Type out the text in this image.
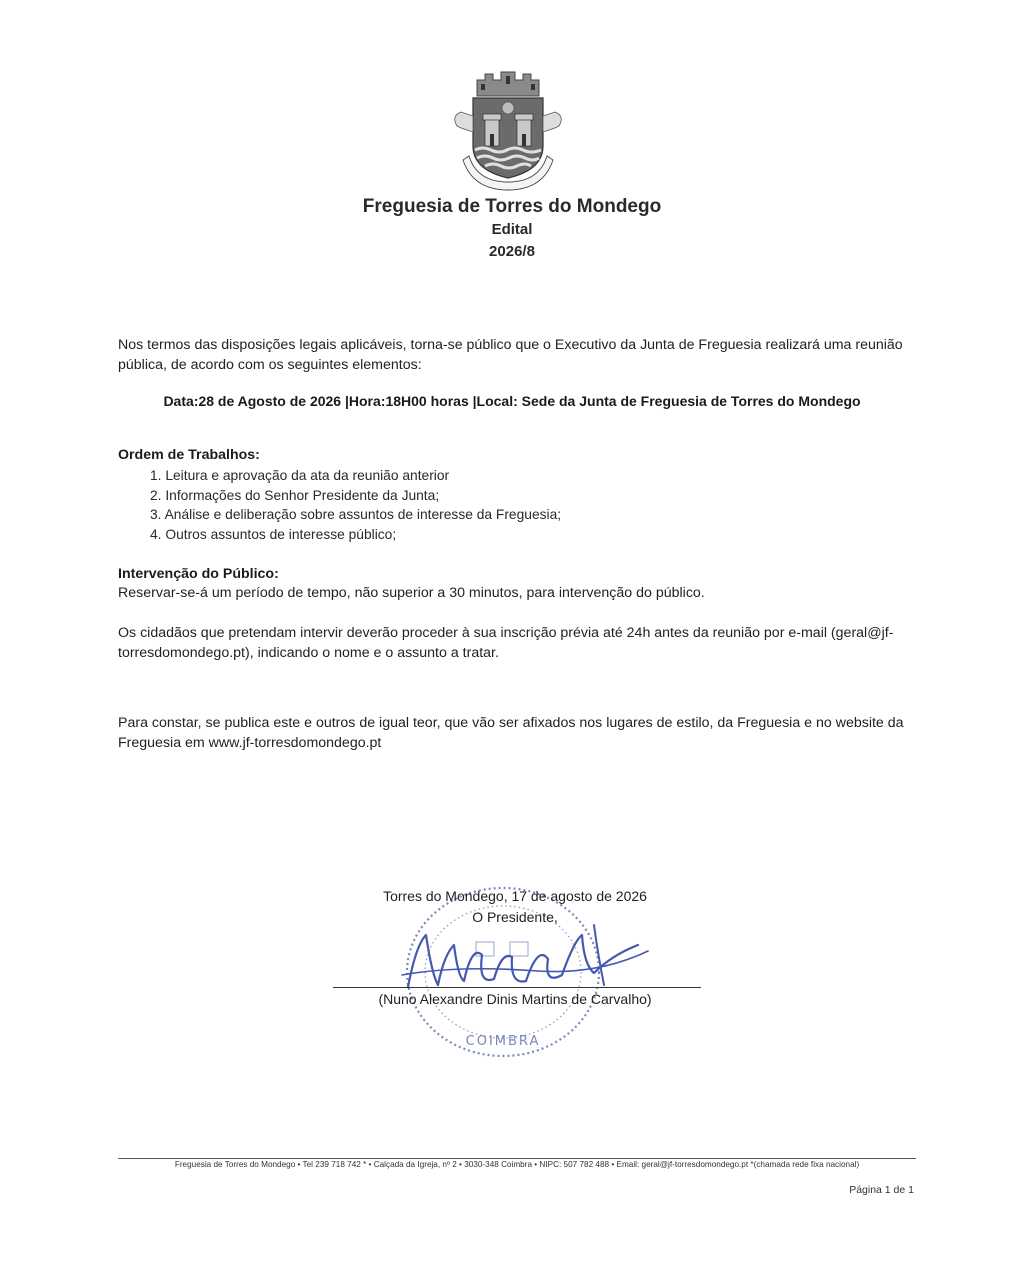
Freguesia de Torres do Mondego
Edital
2026/8
Nos termos das disposições legais aplicáveis, torna-se público que o Executivo da Junta de Freguesia realizará uma reunião pública, de acordo com os seguintes elementos:
Data:28 de Agosto de 2026 |Hora:18H00 horas |Local: Sede da Junta de Freguesia de Torres do Mondego
Ordem de Trabalhos:
1. Leitura e aprovação da ata da reunião anterior
2. Informações do Senhor Presidente da Junta;
3. Análise e deliberação sobre assuntos de interesse da Freguesia;
4. Outros assuntos de interesse público;
Intervenção do Público:
Reservar-se-á um período de tempo, não superior a 30 minutos, para intervenção do público.
Os cidadãos que pretendam intervir deverão proceder à sua inscrição prévia até 24h antes da reunião por e-mail (geral@jf-torresdomondego.pt), indicando o nome e o assunto a tratar.
Para constar, se publica este e outros de igual teor, que vão ser afixados nos lugares de estilo, da Freguesia e no website da Freguesia em www.jf-torresdomondego.pt
COIMBRA
Torres do Mondego, 17 de agosto de 2026
O Presidente,
(Nuno Alexandre Dinis Martins de Carvalho)
Freguesia de Torres do Mondego • Tel 239 718 742 * • Calçada da Igreja, nº 2 • 3030-348 Coimbra • NIPC: 507 782 488 • Email: geral@jf-torresdomondego.pt *(chamada rede fixa nacional)
Página 1 de 1
